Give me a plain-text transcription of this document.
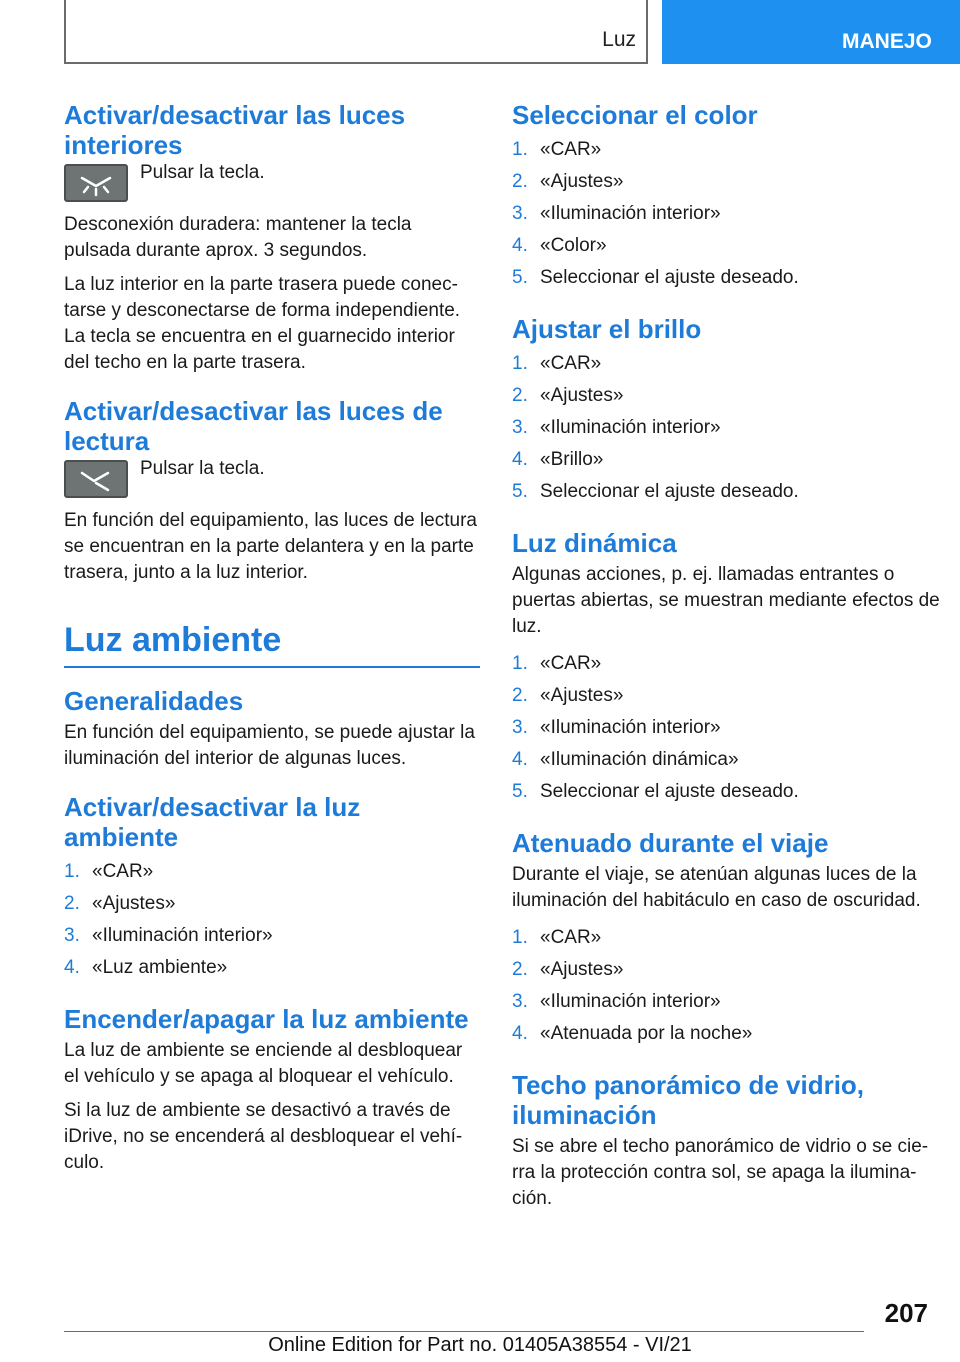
Luz	MANEJO
Activar/desactivar las luces interiores

Pulsar la tecla.

Desconexión duradera: mantener la tecla pulsada durante aprox. 3 segundos.

La luz interior en la parte trasera puede conectarse y desconectarse de forma independiente. La tecla se encuentra en el guarnecido interior del techo en la parte trasera.

Activar/desactivar las luces de lectura

Pulsar la tecla.

En función del equipamiento, las luces de lectura se encuentran en la parte delantera y en la parte trasera, junto a la luz interior.

Luz ambiente
Generalidades

En función del equipamiento, se puede ajustar la iluminación del interior de algunas luces.

Activar/desactivar la luz ambiente
1. «CAR»
2. «Ajustes»
3. «Iluminación interior»
4. «Luz ambiente»
Encender/apagar la luz ambiente

La luz de ambiente se enciende al desbloquear el vehículo y se apaga al bloquear el vehículo.

Si la luz de ambiente se desactivó a través de iDrive, no se encenderá al desbloquear el vehículo.

Seleccionar el color
1. «CAR»
2. «Ajustes»
3. «Iluminación interior»
4. «Color»
5. Seleccionar el ajuste deseado.
Ajustar el brillo
1. «CAR»
2. «Ajustes»
3. «Iluminación interior»
4. «Brillo»
5. Seleccionar el ajuste deseado.
Luz dinámica

Algunas acciones, p. ej. llamadas entrantes o puertas abiertas, se muestran mediante efectos de luz.

1. «CAR»
2. «Ajustes»
3. «Iluminación interior»
4. «Iluminación dinámica»
5. Seleccionar el ajuste deseado.
Atenuado durante el viaje

Durante el viaje, se atenúan algunas luces de la iluminación del habitáculo en caso de oscuridad.

1. «CAR»
2. «Ajustes»
3. «Iluminación interior»
4. «Atenuada por la noche»
Techo panorámico de vidrio, iluminación

Si se abre el techo panorámico de vidrio o se cierra la protección contra sol, se apaga la iluminación.

207
Online Edition for Part no. 01405A38554 - VI/21
